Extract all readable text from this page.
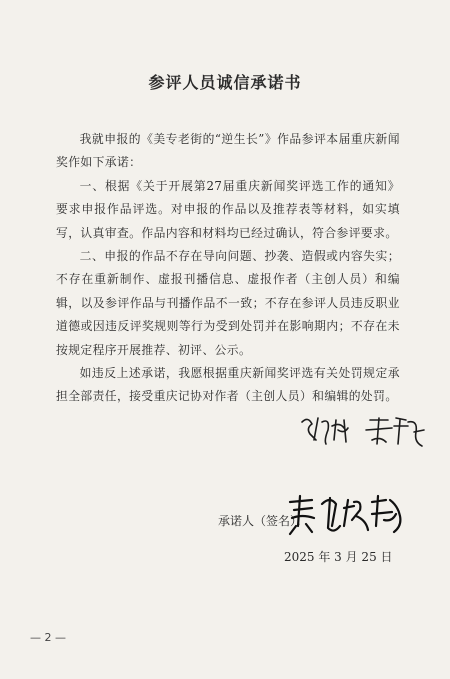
参评人员诚信承诺书

我就申报的《美专老街的“逆生长”》作品参评本届重庆新闻奖作如下承诺：

一、根据《关于开展第27届重庆新闻奖评选工作的通知》要求申报作品评选。对申报的作品以及推荐表等材料，如实填写，认真审查。作品内容和材料均已经过确认，符合参评要求。

二、申报的作品不存在导向问题、抄袭、造假或内容失实；不存在重新制作、虚报刊播信息、虚报作者（主创人员）和编辑，以及参评作品与刊播作品不一致；不存在参评人员违反职业道德或因违反评奖规则等行为受到处罚并在影响期内；不存在未按规定程序开展推荐、初评、公示。

如违反上述承诺，我愿根据重庆新闻奖评选有关处罚规定承担全部责任，接受重庆记协对作者（主创人员）和编辑的处罚。

承诺人（签名）：
2025 年 3 月 25 日
— 2 —
